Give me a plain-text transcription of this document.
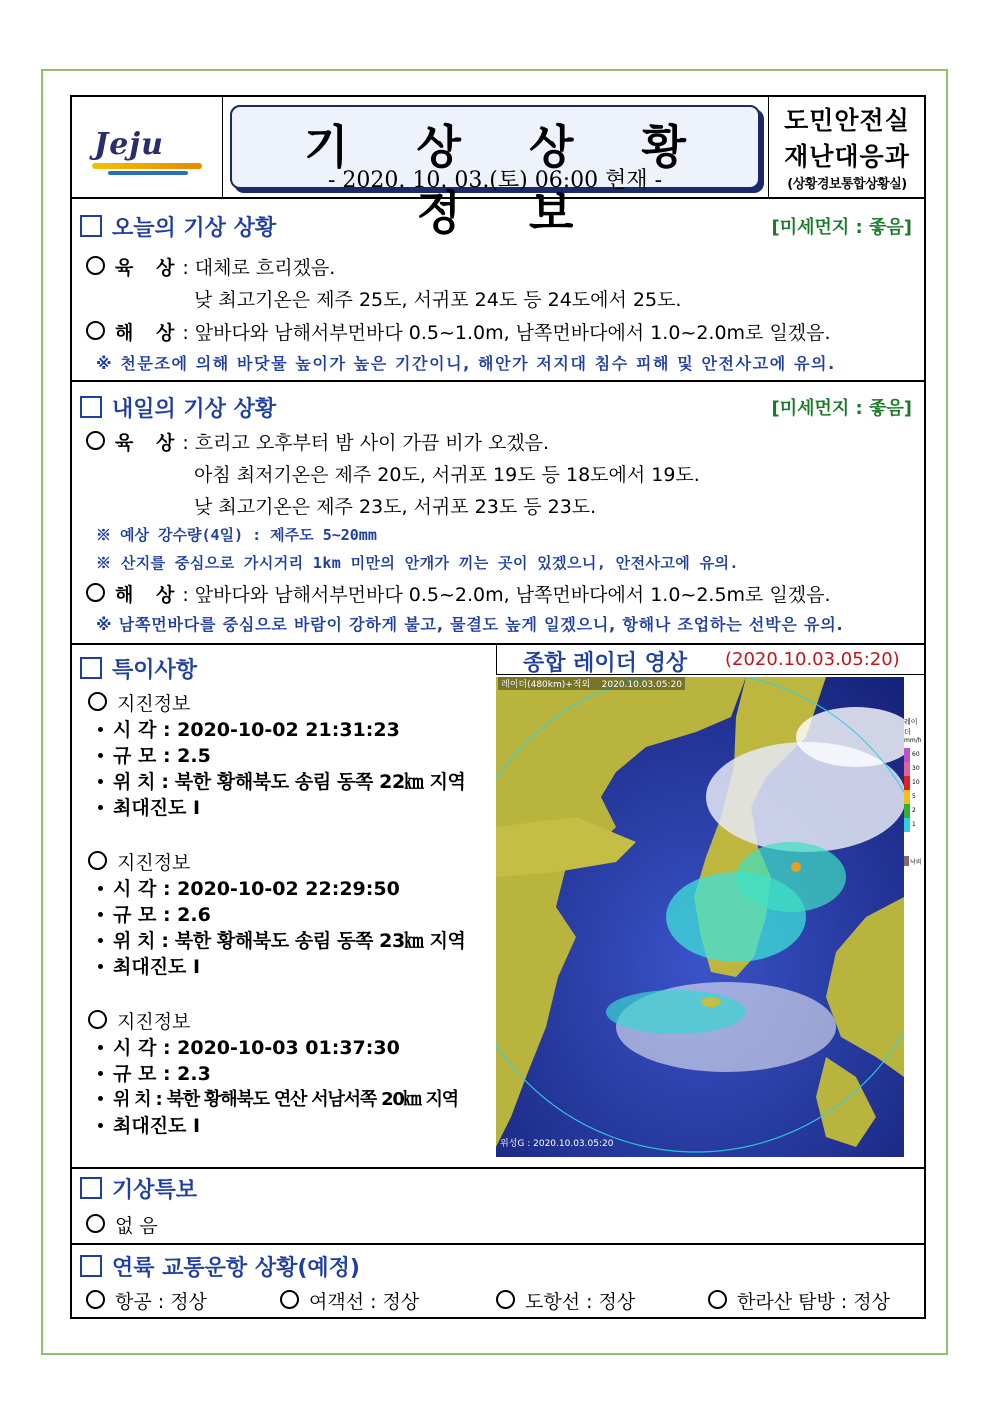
Jeju	기 상 상 황 정 보
- 2020. 10. 03.(토) 06:00 현재 -
도민안전실
재난대응과
(상황경보통합상황실)
오늘의 기상 상황	[미세먼지 : 좋음]
육 상: 대체로 흐리겠음.
낮 최고기온은 제주 25도, 서귀포 24도 등 24도에서 25도.
해 상: 앞바다와 남해서부먼바다 0.5~1.0m, 남쪽먼바다에서 1.0~2.0m로 일겠음.
※ 천문조에 의해 바닷물 높이가 높은 기간이니, 해안가 저지대 침수 피해 및 안전사고에 유의.
내일의 기상 상황	[미세먼지 : 좋음]
육 상: 흐리고 오후부터 밤 사이 가끔 비가 오겠음.
아침 최저기온은 제주 20도, 서귀포 19도 등 18도에서 19도.
낮 최고기온은 제주 23도, 서귀포 23도 등 23도.
※ 예상 강수량(4일) : 제주도 5~20mm
※ 산지를 중심으로 가시거리 1km 미만의 안개가 끼는 곳이 있겠으니, 안전사고에 유의.
해 상: 앞바다와 남해서부먼바다 0.5~2.0m, 남쪽먼바다에서 1.0~2.5m로 일겠음.
※ 남쪽먼바다를 중심으로 바람이 강하게 불고, 물결도 높게 일겠으니, 항해나 조업하는 선박은 유의.
특이사항
지진정보
시 각 : 2020-10-02 21:31:23
규 모 : 2.5
위 치 : 북한 황해북도 송림 동쪽 22㎞ 지역
최대진도 Ⅰ
지진정보
시 각 : 2020-10-02 22:29:50
규 모 : 2.6
위 치 : 북한 황해북도 송림 동쪽 23㎞ 지역
최대진도 Ⅰ
지진정보
시 각 : 2020-10-03 01:37:30
규 모 : 2.3
위 치 : 북한 황해북도 연산 서남서쪽 20㎞ 지역
최대진도 Ⅰ
종합 레이더 영상 (2020.10.03.05:20)
레이더(480km)+적외 2020.10.03.05:20
위성G : 2020.10.03.05:20
레이더
mm/h
60
30
10
5
2
1
낙뢰
기상특보
없 음
연륙 교통운항 상황(예정)
항공 : 정상	여객선 : 정상	도항선 : 정상	한라산 탐방 : 정상
